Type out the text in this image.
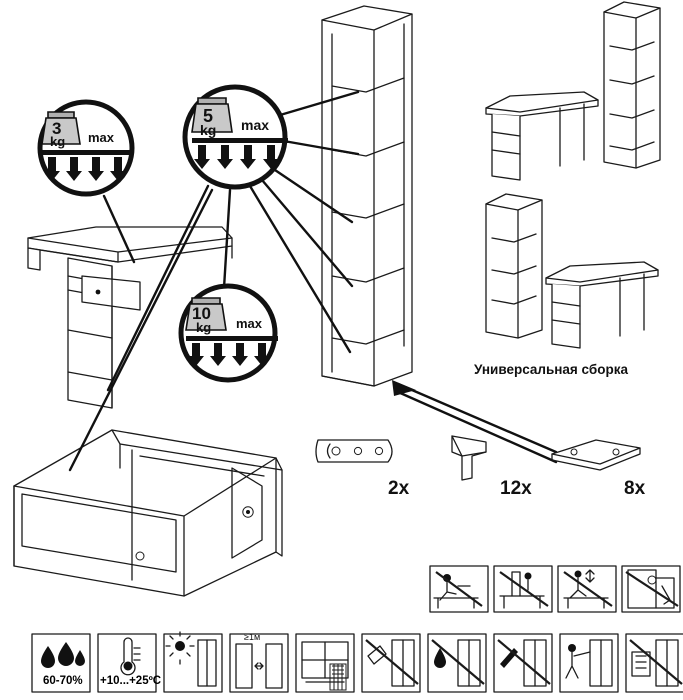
≥1м
3
kg max
5
kg max
10
kg max
Универсальная сборка
2x	12x	8x
60-70% +10...+25ºC
